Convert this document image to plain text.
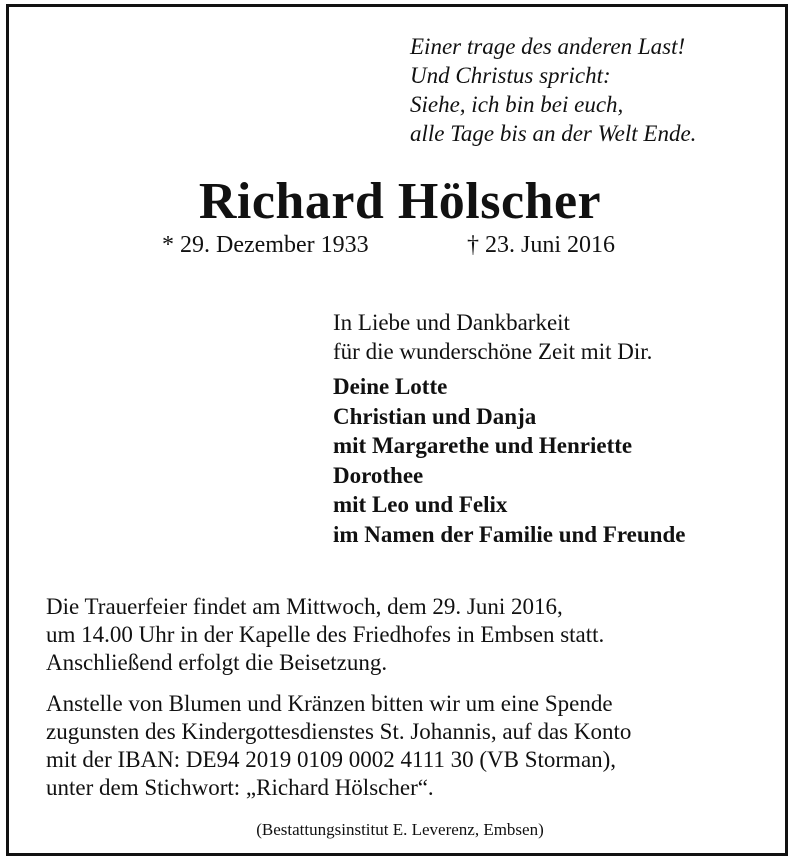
Einer trage des anderen Last!
Und Christus spricht:
Siehe, ich bin bei euch,
alle Tage bis an der Welt Ende.
Richard Hölscher
* 29. Dezember 1933	† 23. Juni 2016
In Liebe und Dankbarkeit
für die wunderschöne Zeit mit Dir.
Deine Lotte
Christian und Danja
mit Margarethe und Henriette
Dorothee
mit Leo und Felix
im Namen der Familie und Freunde
Die Trauerfeier findet am Mittwoch, dem 29. Juni 2016,
um 14.00 Uhr in der Kapelle des Friedhofes in Embsen statt.
Anschließend erfolgt die Beisetzung.
Anstelle von Blumen und Kränzen bitten wir um eine Spende
zugunsten des Kindergottesdienstes St. Johannis, auf das Konto
mit der IBAN: DE94 2019 0109 0002 4111 30 (VB Storman),
unter dem Stichwort: „Richard Hölscher“.
(Bestattungsinstitut E. Leverenz, Embsen)
